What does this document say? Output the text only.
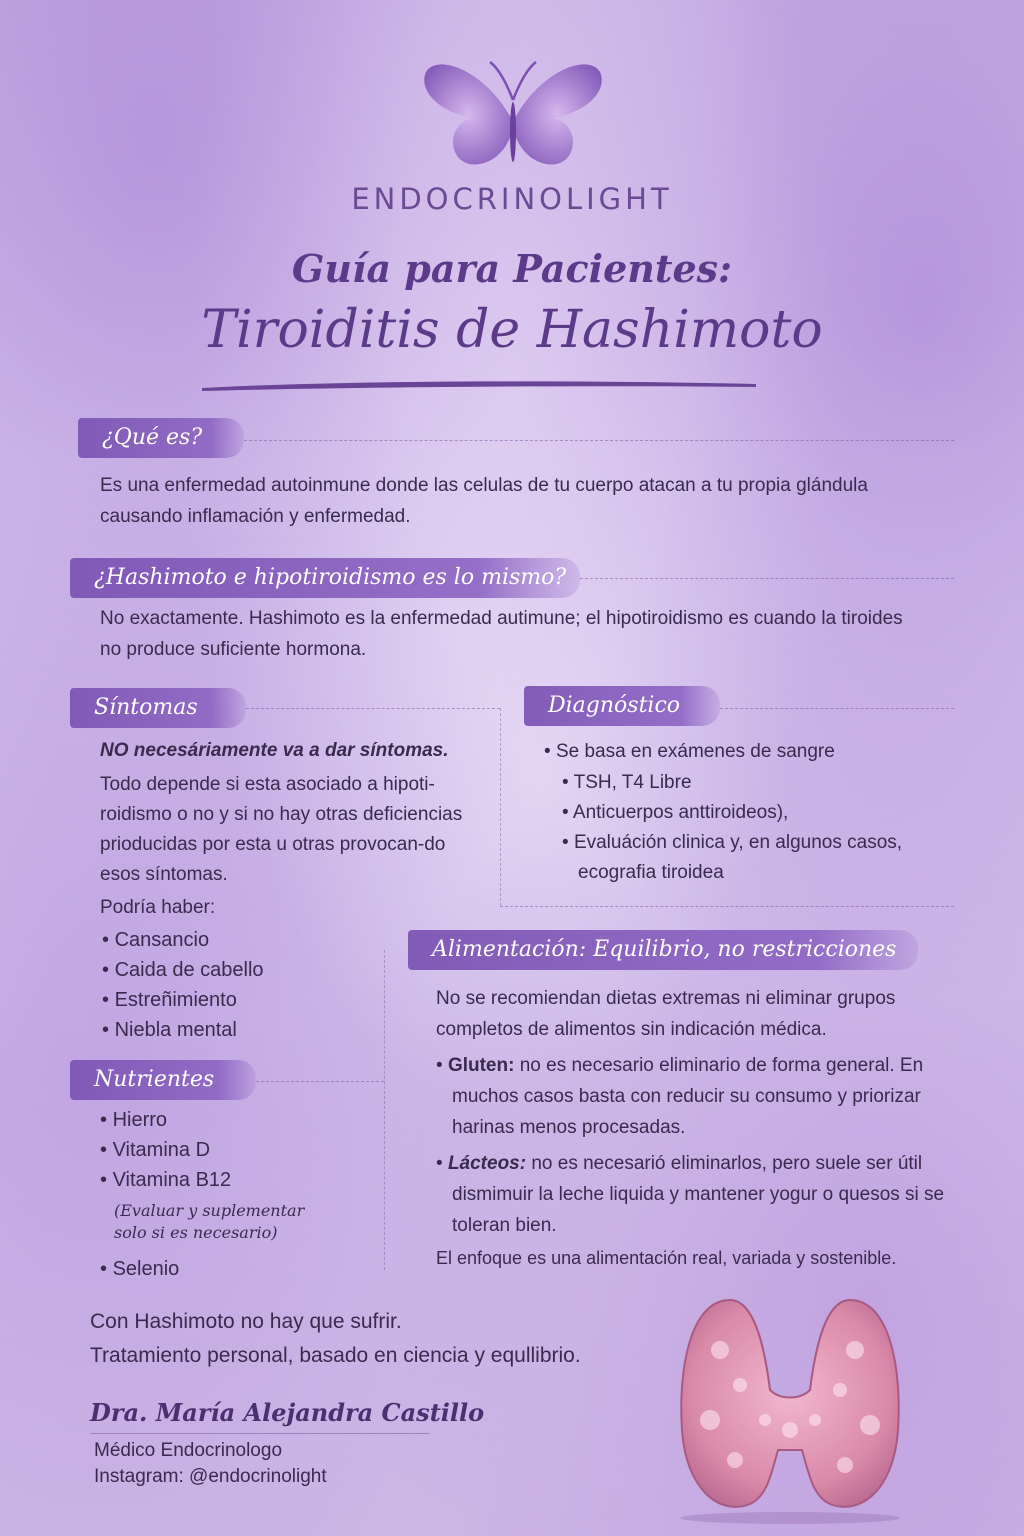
ENDOCRINOLIGHT
Guía para Pacientes:
Tiroiditis de Hashimoto
¿Qué es?
Es una enfermedad autoinmune donde las celulas de tu cuerpo atacan a tu propia glándula causando inflamación y enfermedad.
¿Hashimoto e hipotiroidismo es lo mismo?
No exactamente. Hashimoto es la enfermedad autimune; el hipotiroidismo es cuando la tiroides no produce suficiente hormona.
Síntomas
NO necesáriamente va a dar síntomas.
Todo depende si esta asociado a hipoti-roidismo o no y si no hay otras deficiencias prioducidas por esta u otras provocan-do esos síntomas.
Podría haber:
• Cansancio
• Caida de cabello
• Estreñimiento
• Niebla mental
Diagnóstico
• Se basa en exámenes de sangre
• TSH, T4 Libre
• Anticuerpos anttiroideos),
• Evaluáción clinica y, en algunos casos, ecografia tiroidea
Alimentación: Equilibrio, no restricciones
No se recomiendan dietas extremas ni eliminar grupos completos de alimentos sin indicación médica.
• Gluten: no es necesario eliminario de forma general. En muchos casos basta con reducir su consumo y priorizar harinas menos procesadas.
• Lácteos: no es necesarió eliminarlos, pero suele ser útil dismimuir la leche liquida y mantener yogur o quesos si se toleran bien.
El enfoque es una alimentación real, variada y sostenible.
Nutrientes
• Hierro
• Vitamina D
• Vitamina B12
(Evaluar y suplementar solo si es necesario)
• Selenio
Con Hashimoto no hay que sufrir.
Tratamiento personal, basado en ciencia y equllibrio.
Dra. María Alejandra Castillo
Médico Endocrinologo
Instagram: @endocrinolight
